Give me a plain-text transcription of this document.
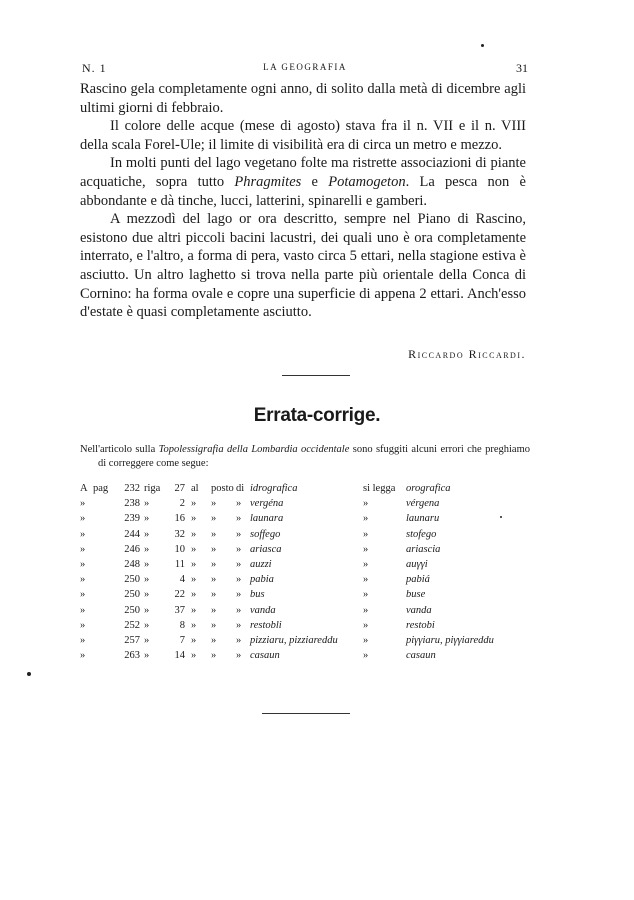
N. 1	LA GEOGRAFIA	31

Rascino gela completamente ogni anno, di solito dalla metà di dicembre agli ultimi giorni di febbraio.

Il colore delle acque (mese di agosto) stava fra il n. VII e il n. VIII della scala Forel-Ule; il limite di visibilità era di circa un metro e mezzo.

In molti punti del lago vegetano folte ma ristrette associazioni di piante acquatiche, sopra tutto Phragmites e Potamogeton. La pesca non è abbondante e dà tinche, lucci, latterini, spinarelli e gamberi.

A mezzodì del lago or ora descritto, sempre nel Piano di Rascino, esistono due altri piccoli bacini lacustri, dei quali uno è ora completamente interrato, e l'altro, a forma di pera, vasto circa 5 ettari, nella stagione estiva è asciutto. Un altro laghetto si trova nella parte più orientale della Conca di Cornino: ha forma ovale e copre una superficie di appena 2 ettari. Anch'esso d'estate è quasi completamente asciutto.

Riccardo Riccardi.
Errata-corrige.

Nell'articolo sulla Topolessigrafia della Lombardia occidentale sono sfuggiti alcuni errori che preghiamo di correggere come segue:

A pag	232 riga	27 al posto di idrografica	si legga orografica
»	238 »	2 » » » vergéna	»	vérgena
»	239 »	16 » » » launara	»	launaru
»	244 »	32 » » » soffego	»	stofego
»	246 »	10 » » » ariasca	»	ariascia
»	248 »	11 » » » auzzi	»	auγγi
»	250 »	4 » » » pabia	»	pabiá
»	250 »	22 » » » bus	»	buse
»	250 »	37 » » » vanda	»	vanda
»	252 »	8 » » » restobli	»	restobi
»	257 »	7 » » » pizziaru, pizziareddu »	piγγiaru, piγγiareddu
»	263 »	14 » » » casaun	»	casaun
